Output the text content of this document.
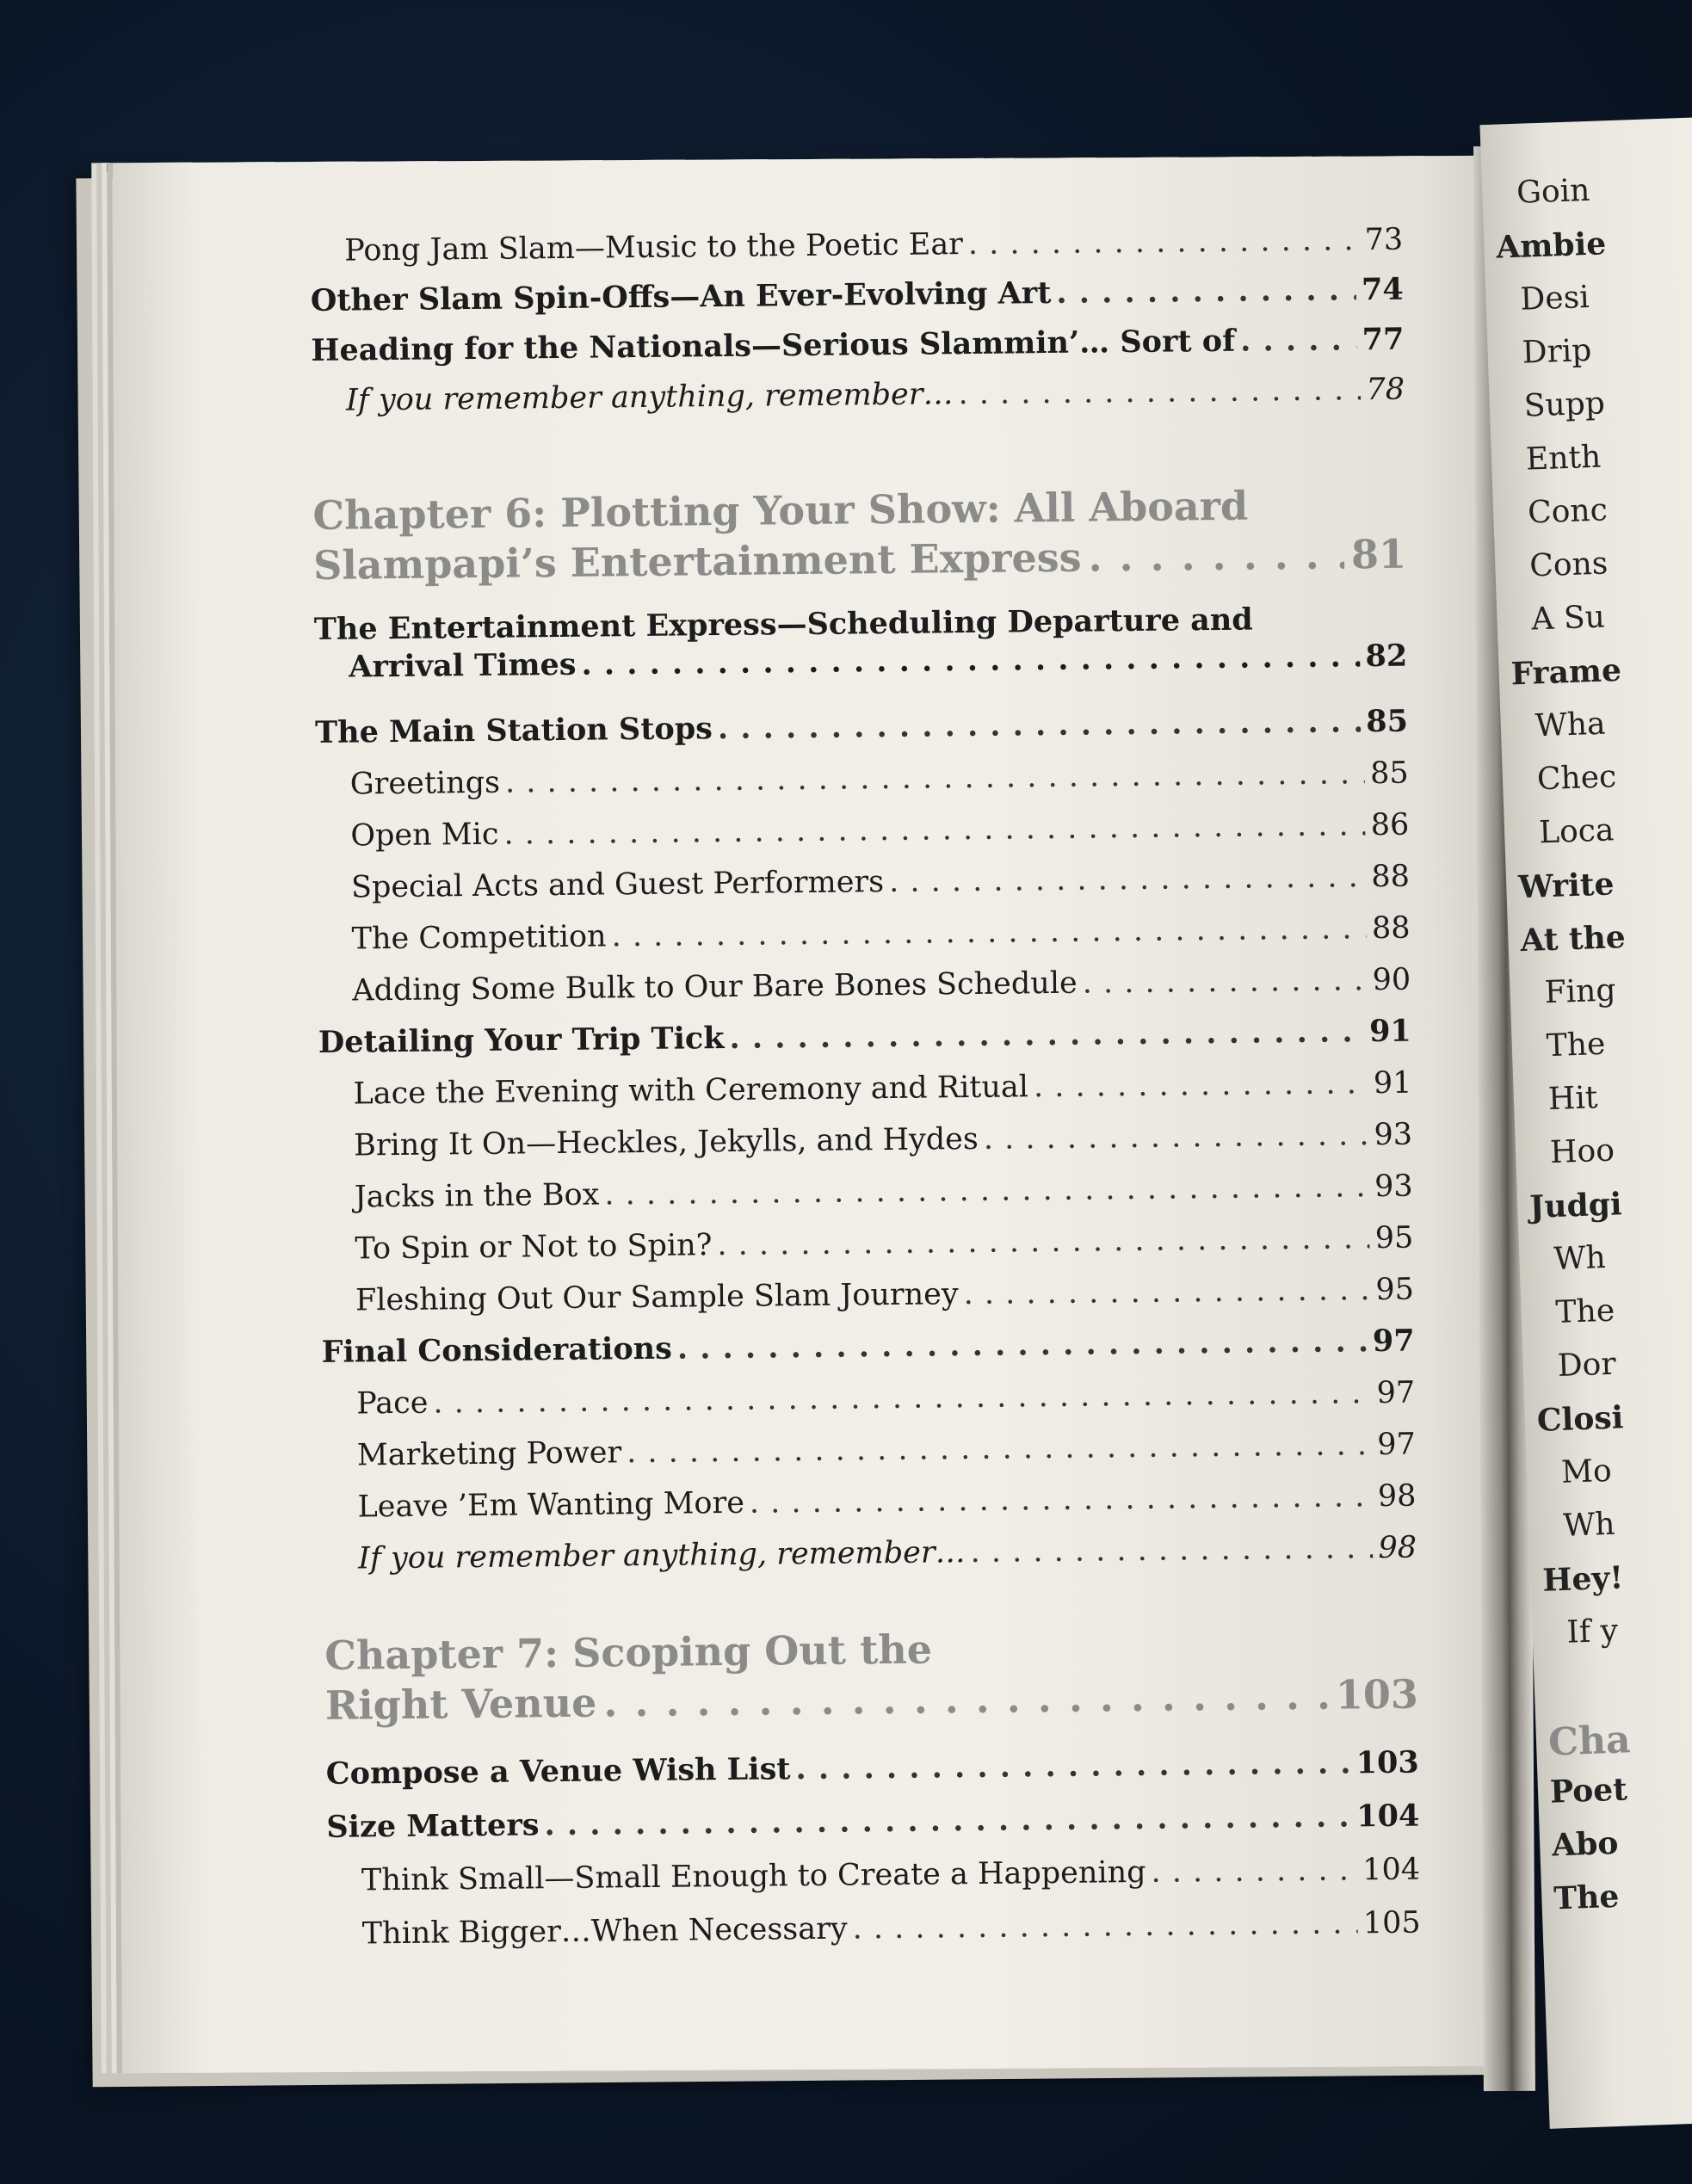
Goin
Ambie
Desi
Drip
Supp
Enth
Conc
Cons
A Su
Frame
Wha
Chec
Loca
Write
At the
Fing
The
Hit
Hoo
Judgi
Wh
The
Dor
Closi
Mo
Wh
Hey!
If y
Cha
Poet
Abo
The
Pong Jam Slam—Music to the Poetic Ear . . .	73
Other Slam Spin-Offs—An Ever-Evolving Art . . .	74
Heading for the Nationals—Serious Slammin’… Sort of . . .	77
If you remember anything, remember… . . .	78
Chapter 6: Plotting Your Show: All Aboard
Slampapi’s Entertainment Express . . .	81
The Entertainment Express—Scheduling Departure and
Arrival Times . . .	82
The Main Station Stops . . .	85
Greetings . . .	85
Open Mic . . .	86
Special Acts and Guest Performers . . .	88
The Competition . . .	88
Adding Some Bulk to Our Bare Bones Schedule . . .	90
Detailing Your Trip Tick . . .	91
Lace the Evening with Ceremony and Ritual . . .	91
Bring It On—Heckles, Jekylls, and Hydes . . .	93
Jacks in the Box . . .	93
To Spin or Not to Spin? . . .	95
Fleshing Out Our Sample Slam Journey . . .	95
Final Considerations . . .	97
Pace . . .	97
Marketing Power . . .	97
Leave ’Em Wanting More . . .	98
If you remember anything, remember… . . .	98
Chapter 7: Scoping Out the
Right Venue . . .	103
Compose a Venue Wish List . . .	103
Size Matters . . .	104
Think Small—Small Enough to Create a Happening . . .	104
Think Bigger…When Necessary . . .	105
